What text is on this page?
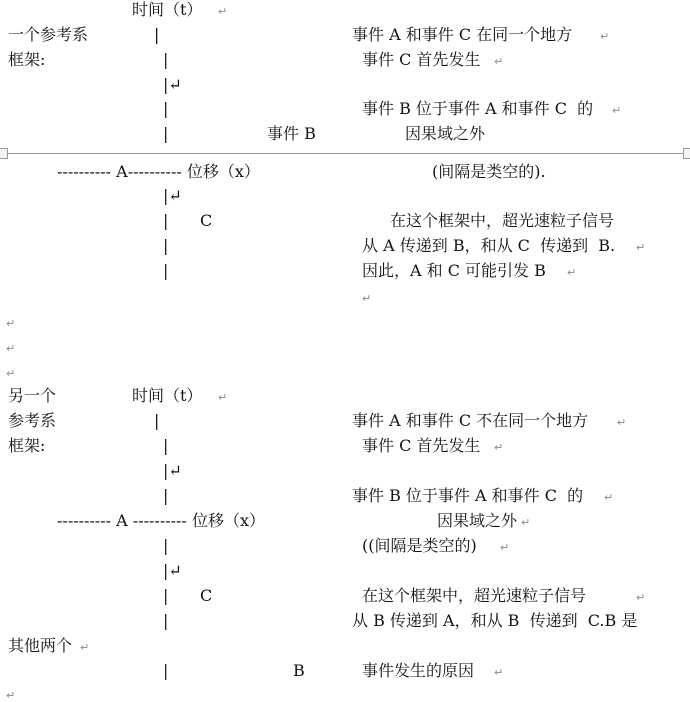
时间（t） ↵
一个参考系	|	事件 A 和事件 C 在同一个地方	↵
框架:	|	事件 C 首先发生 ↵
|↵
|	事件 B 位于事件 A 和事件 C  的 ↵
|	事件 B	因果域之外
---------- A---------- 位移（x）	(间隔是类空的).
|↵
| C	在这个框架中，超光速粒子信号
|	从 A 传递到 B，和从 C  传递到  B. ↵
|	因此，A 和 C 可能引发 B ↵
↵
↵
↵
↵
另一个	时间（t） ↵
参考系	|	事件 A 和事件 C 不在同一个地方	↵
框架:	|	事件 C 首先发生 ↵
|↵
|	事件 B 位于事件 A 和事件 C  的 ↵
---------- A ---------- 位移（x）	因果域之外 ↵
|	((间隔是类空的) ↵
|↵
| C	在这个框架中，超光速粒子信号	↵
|	从 B 传递到 A，和从 B  传递到  C.B 是
其他两个 ↵
|	B	事件发生的原因 ↵
↵
